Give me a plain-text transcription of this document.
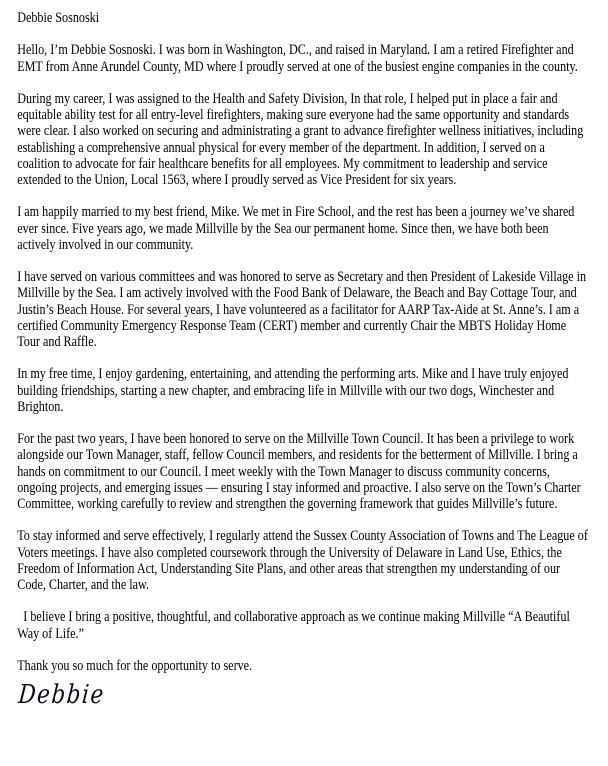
Debbie Sosnoski

Hello, I’m Debbie Sosnoski. I was born in Washington, DC., and raised in Maryland. I am a retired Firefighter and EMT from Anne Arundel County, MD where I proudly served at one of the busiest engine companies in the county.

During my career, I was assigned to the Health and Safety Division, In that role, I helped put in place a fair and equitable ability test for all entry-level firefighters, making sure everyone had the same opportunity and standards were clear. I also worked on securing and administrating a grant to advance firefighter wellness initiatives, including establishing a comprehensive annual physical for every member of the department. In addition, I served on a coalition to advocate for fair healthcare benefits for all employees. My commitment to leadership and service extended to the Union, Local 1563, where I proudly served as Vice President for six years.

I am happily married to my best friend, Mike. We met in Fire School, and the rest has been a journey we’ve shared ever since. Five years ago, we made Millville by the Sea our permanent home. Since then, we have both been actively involved in our community.

I have served on various committees and was honored to serve as Secretary and then President of Lakeside Village in Millville by the Sea. I am actively involved with the Food Bank of Delaware, the Beach and Bay Cottage Tour, and Justin’s Beach House. For several years, I have volunteered as a facilitator for AARP Tax-Aide at St. Anne’s. I am a certified Community Emergency Response Team (CERT) member and currently Chair the MBTS Holiday Home Tour and Raffle.

In my free time, I enjoy gardening, entertaining, and attending the performing arts. Mike and I have truly enjoyed building friendships, starting a new chapter, and embracing life in Millville with our two dogs, Winchester and Brighton.

For the past two years, I have been honored to serve on the Millville Town Council. It has been a privilege to work alongside our Town Manager, staff, fellow Council members, and residents for the betterment of Millville. I bring a hands on commitment to our Council. I meet weekly with the Town Manager to discuss community concerns, ongoing projects, and emerging issues — ensuring I stay informed and proactive. I also serve on the Town’s Charter Committee, working carefully to review and strengthen the governing framework that guides Millville’s future.

To stay informed and serve effectively, I regularly attend the Sussex County Association of Towns and The League of Voters meetings. I have also completed coursework through the University of Delaware in Land Use, Ethics, the Freedom of Information Act, Understanding Site Plans, and other areas that strengthen my understanding of our Code, Charter, and the law.

I believe I bring a positive, thoughtful, and collaborative approach as we continue making Millville “A Beautiful Way of Life.”

Thank you so much for the opportunity to serve.

Debbie
